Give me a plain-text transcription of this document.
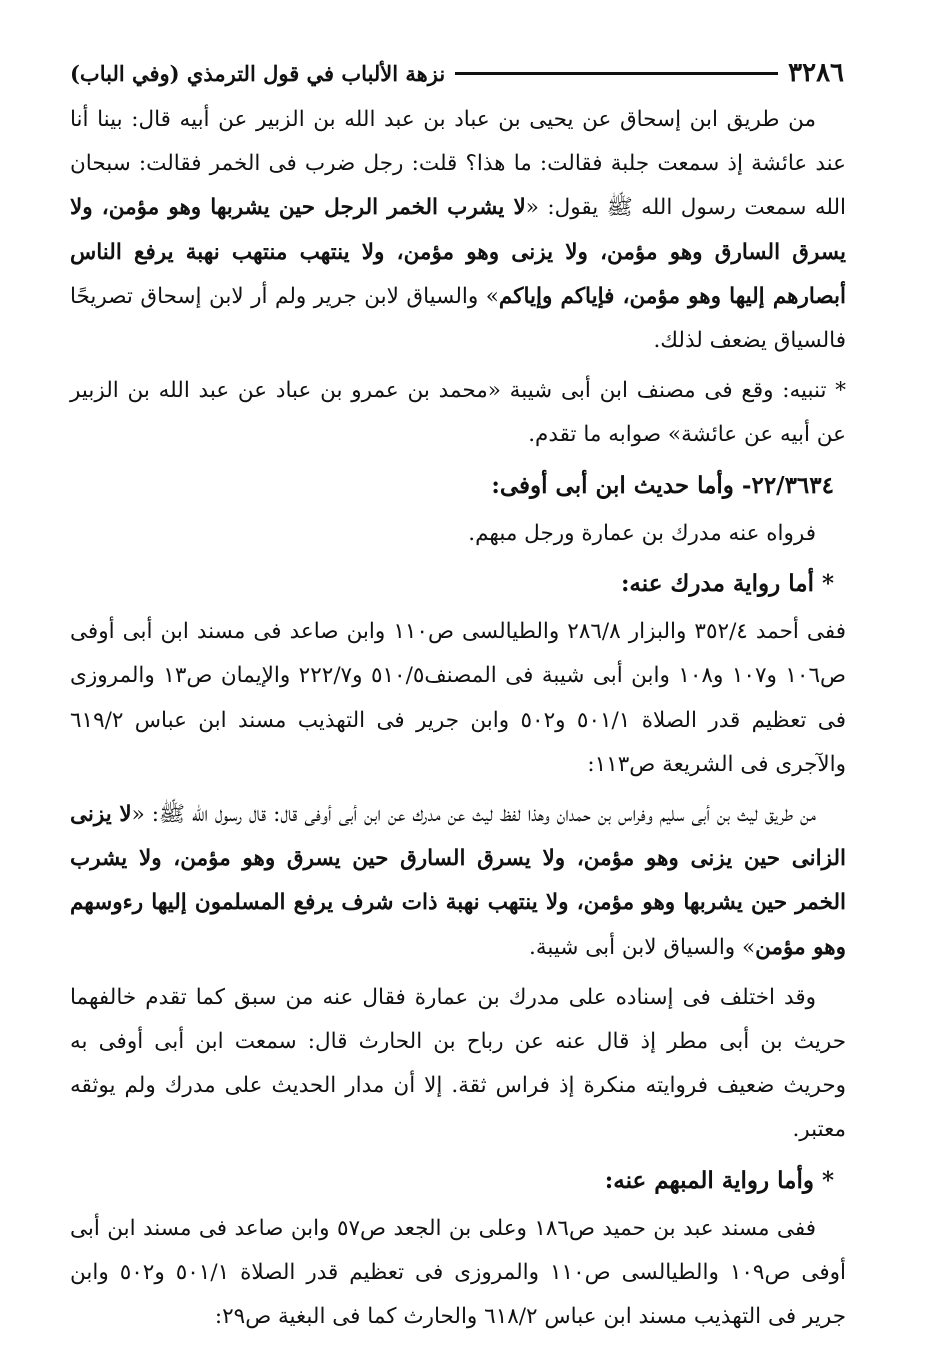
٣٢٨٦
نزهة الألباب في قول الترمذي (وفي الباب)

من طريق ابن إسحاق عن يحيى بن عباد بن عبد الله بن الزبير عن أبيه قال: بينا أنا عند عائشة إذ سمعت جلبة فقالت: ما هذا؟ قلت: رجل ضرب فى الخمر فقالت: سبحان الله سمعت رسول الله ﷺ يقول: «لا يشرب الخمر الرجل حين يشربها وهو مؤمن، ولا يسرق السارق وهو مؤمن، ولا يزنى وهو مؤمن، ولا ينتهب منتهب نهبة يرفع الناس أبصارهم إليها وهو مؤمن، فإياكم وإياكم» والسياق لابن جرير ولم أر لابن إسحاق تصريحًا فالسياق يضعف لذلك.

* تنبيه: وقع فى مصنف ابن أبى شيبة «محمد بن عمرو بن عباد عن عبد الله بن الزبير عن أبيه عن عائشة» صوابه ما تقدم.

٢٢/٣٦٣٤- وأما حديث ابن أبى أوفى:

فرواه عنه مدرك بن عمارة ورجل مبهم.

* أما رواية مدرك عنه:

ففى أحمد ٣٥٢/٤ والبزار ٢٨٦/٨ والطيالسى ص١١٠ وابن صاعد فى مسند ابن أبى أوفى ص١٠٦ و١٠٧ و١٠٨ وابن أبى شيبة فى المصنف٥١٠/٥ و٢٢٢/٧ والإيمان ص١٣ والمروزى فى تعظيم قدر الصلاة ٥٠١/١ و٥٠٢ وابن جرير فى التهذيب مسند ابن عباس ٦١٩/٢ والآجرى فى الشريعة ص١١٣:

من طريق ليث بن أبى سليم وفراس بن حمدان وهذا لفظ ليث عن مدرك عن ابن أبى أوفى قال: قال رسول الله ﷺ: «لا يزنى الزانى حين يزنى وهو مؤمن، ولا يسرق السارق حين يسرق وهو مؤمن، ولا يشرب الخمر حين يشربها وهو مؤمن، ولا ينتهب نهبة ذات شرف يرفع المسلمون إليها رءوسهم وهو مؤمن» والسياق لابن أبى شيبة.

وقد اختلف فى إسناده على مدرك بن عمارة فقال عنه من سبق كما تقدم خالفهما حريث بن أبى مطر إذ قال عنه عن رباح بن الحارث قال: سمعت ابن أبى أوفى به وحريث ضعيف فروايته منكرة إذ فراس ثقة. إلا أن مدار الحديث على مدرك ولم يوثقه معتبر.

* وأما رواية المبهم عنه:

ففى مسند عبد بن حميد ص١٨٦ وعلى بن الجعد ص٥٧ وابن صاعد فى مسند ابن أبى أوفى ص١٠٩ والطيالسى ص١١٠ والمروزى فى تعظيم قدر الصلاة ٥٠١/١ و٥٠٢ وابن جرير فى التهذيب مسند ابن عباس ٦١٨/٢ والحارث كما فى البغية ص٢٩:
